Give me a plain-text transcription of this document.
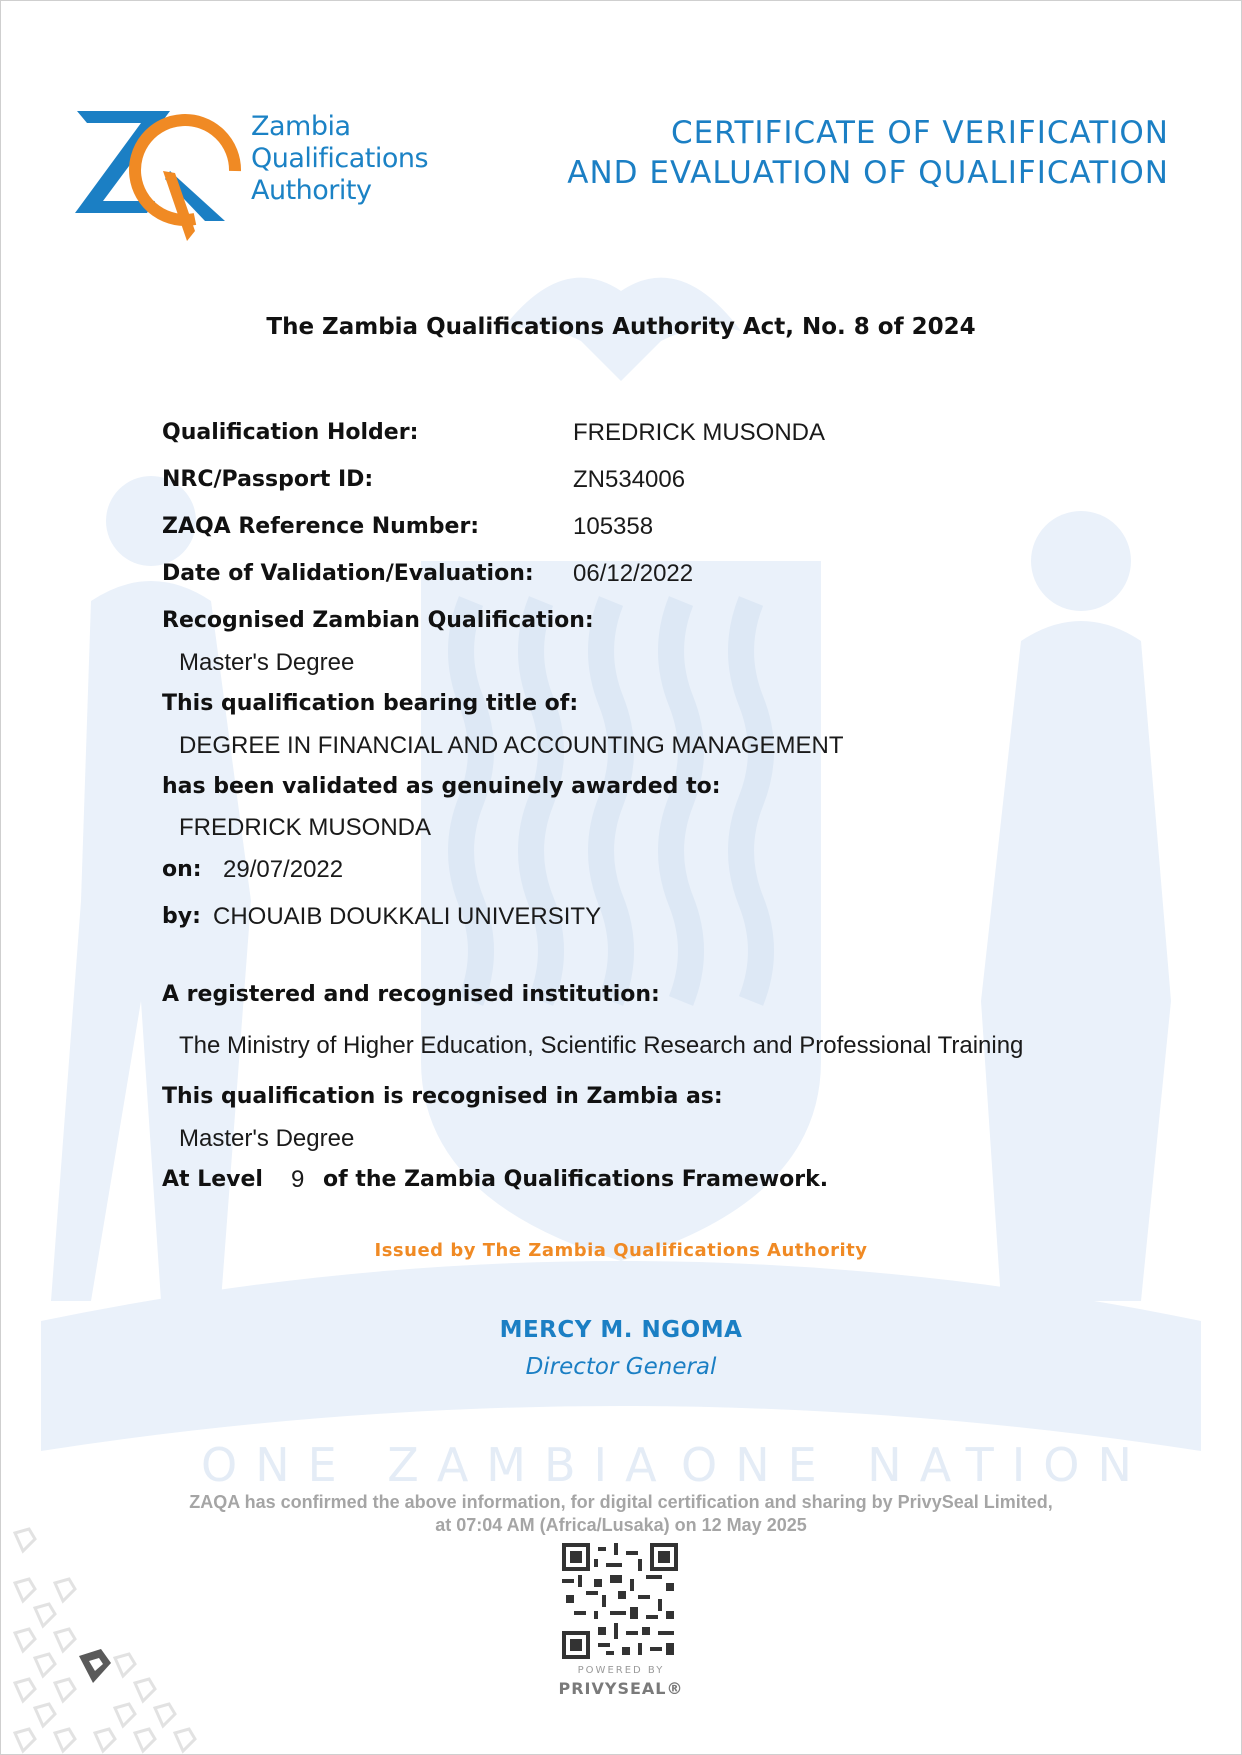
ONE ZAMBIA ONE NATION
Zambia
Qualifications
Authority
CERTIFICATE OF VERIFICATION
AND EVALUATION OF QUALIFICATION
The Zambia Qualifications Authority Act, No. 8 of 2024
Qualification Holder:	FREDRICK MUSONDA
NRC/Passport ID:	ZN534006
ZAQA Reference Number:	105358
Date of Validation/Evaluation: 06/12/2022
Recognised Zambian Qualification:
Master's Degree
This qualification bearing title of:
DEGREE IN FINANCIAL AND ACCOUNTING MANAGEMENT
has been validated as genuinely awarded to:
FREDRICK MUSONDA
on: 29/07/2022
by: CHOUAIB DOUKKALI UNIVERSITY
A registered and recognised institution:
The Ministry of Higher Education, Scientific Research and Professional Training
This qualification is recognised in Zambia as:
Master's Degree
At Level 9 of the Zambia Qualifications Framework.
Issued by The Zambia Qualifications Authority
MERCY M. NGOMA
Director General
ZAQA has confirmed the above information, for digital certification and sharing by PrivySeal Limited,
at 07:04 AM (Africa/Lusaka) on 12 May 2025
POWERED BY
PRIVYSEAL®
